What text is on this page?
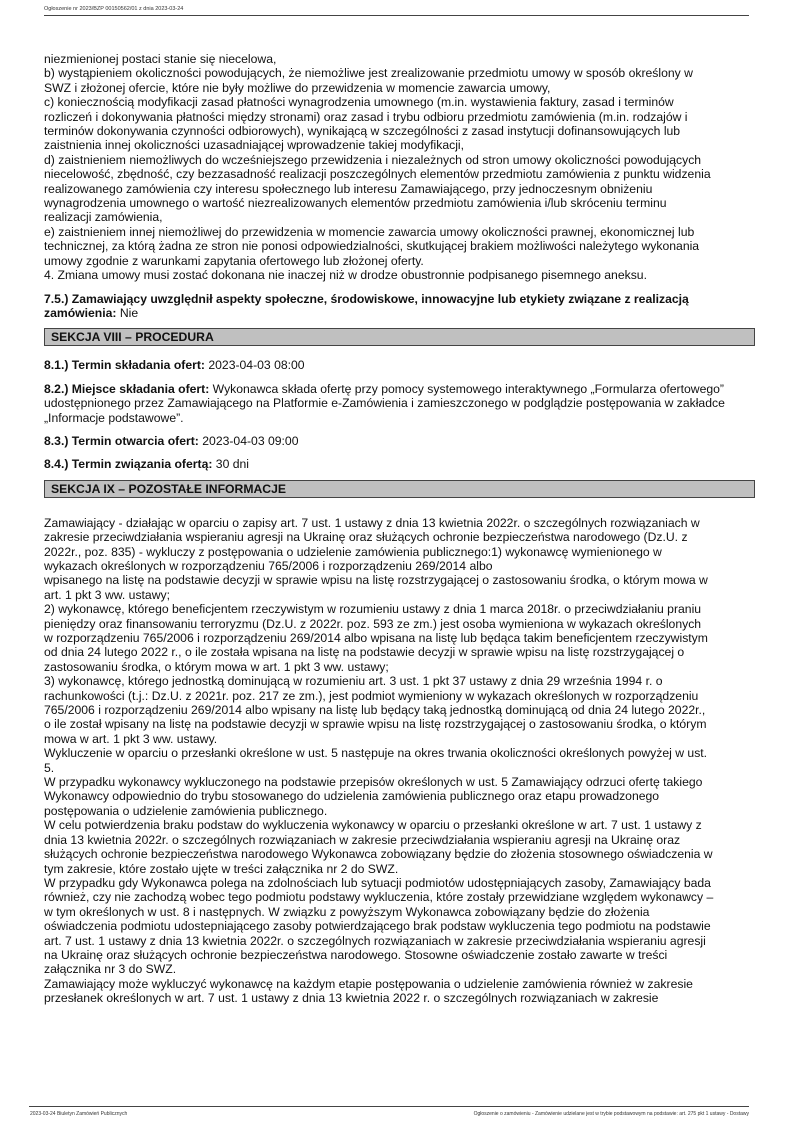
Ogłoszenie nr 2023/BZP 00150562/01 z dnia 2023-03-24

niezmienionej postaci stanie się niecelowa,

b) wystąpieniem okoliczności powodujących, że niemożliwe jest zrealizowanie przedmiotu umowy w sposób określony w

SWZ i złożonej ofercie, które nie były możliwe do przewidzenia w momencie zawarcia umowy,

c) koniecznością modyfikacji zasad płatności wynagrodzenia umownego (m.in. wystawienia faktury, zasad i terminów

rozliczeń i dokonywania płatności między stronami) oraz zasad i trybu odbioru przedmiotu zamówienia (m.in. rodzajów i

terminów dokonywania czynności odbiorowych), wynikającą w szczególności z zasad instytucji dofinansowujących lub

zaistnienia innej okoliczności uzasadniającej wprowadzenie takiej modyfikacji,

d) zaistnieniem niemożliwych do wcześniejszego przewidzenia i niezależnych od stron umowy okoliczności powodujących

niecelowość, zbędność, czy bezzasadność realizacji poszczególnych elementów przedmiotu zamówienia z punktu widzenia

realizowanego zamówienia czy interesu społecznego lub interesu Zamawiającego, przy jednoczesnym obniżeniu

wynagrodzenia umownego o wartość niezrealizowanych elementów przedmiotu zamówienia i/lub skróceniu terminu

realizacji zamówienia,

e) zaistnieniem innej niemożliwej do przewidzenia w momencie zawarcia umowy okoliczności prawnej, ekonomicznej lub

technicznej, za którą żadna ze stron nie ponosi odpowiedzialności, skutkującej brakiem możliwości należytego wykonania

umowy zgodnie z warunkami zapytania ofertowego lub złożonej oferty.

4. Zmiana umowy musi zostać dokonana nie inaczej niż w drodze obustronnie podpisanego pisemnego aneksu.

7.5.) Zamawiający uwzględnił aspekty społeczne, środowiskowe, innowacyjne lub etykiety związane z realizacją

zamówienia: Nie

SEKCJA VIII – PROCEDURA

8.1.) Termin składania ofert: 2023-04-03 08:00

8.2.) Miejsce składania ofert: Wykonawca składa ofertę przy pomocy systemowego interaktywnego „Formularza ofertowego”

udostępnionego przez Zamawiającego na Platformie e-Zamówienia i zamieszczonego w podglądzie postępowania w zakładce

„Informacje podstawowe”.

8.3.) Termin otwarcia ofert: 2023-04-03 09:00

8.4.) Termin związania ofertą: 30 dni

SEKCJA IX – POZOSTAŁE INFORMACJE

Zamawiający - działając w oparciu o zapisy art. 7 ust. 1 ustawy z dnia 13 kwietnia 2022r. o szczególnych rozwiązaniach w

zakresie przeciwdziałania wspieraniu agresji na Ukrainę oraz służących ochronie bezpieczeństwa narodowego (Dz.U. z

2022r., poz. 835) - wykluczy z postępowania o udzielenie zamówienia publicznego:1) wykonawcę wymienionego w

wykazach określonych w rozporządzeniu 765/2006 i rozporządzeniu 269/2014 albo

wpisanego na listę na podstawie decyzji w sprawie wpisu na listę rozstrzygającej o zastosowaniu środka, o którym mowa w

art. 1 pkt 3 ww. ustawy;

2) wykonawcę, którego beneficjentem rzeczywistym w rozumieniu ustawy z dnia 1 marca 2018r. o przeciwdziałaniu praniu

pieniędzy oraz finansowaniu terroryzmu (Dz.U. z 2022r. poz. 593 ze zm.) jest osoba wymieniona w wykazach określonych

w rozporządzeniu 765/2006 i rozporządzeniu 269/2014 albo wpisana na listę lub będąca takim beneficjentem rzeczywistym

od dnia 24 lutego 2022 r., o ile została wpisana na listę na podstawie decyzji w sprawie wpisu na listę rozstrzygającej o

zastosowaniu środka, o którym mowa w art. 1 pkt 3 ww. ustawy;

3) wykonawcę, którego jednostką dominującą w rozumieniu art. 3 ust. 1 pkt 37 ustawy z dnia 29 września 1994 r. o

rachunkowości (t.j.: Dz.U. z 2021r. poz. 217 ze zm.), jest podmiot wymieniony w wykazach określonych w rozporządzeniu

765/2006 i rozporządzeniu 269/2014 albo wpisany na listę lub będący taką jednostką dominującą od dnia 24 lutego 2022r.,

o ile został wpisany na listę na podstawie decyzji w sprawie wpisu na listę rozstrzygającej o zastosowaniu środka, o którym

mowa w art. 1 pkt 3 ww. ustawy.

Wykluczenie w oparciu o przesłanki określone w ust. 5 następuje na okres trwania okoliczności określonych powyżej w ust.

5.

W przypadku wykonawcy wykluczonego na podstawie przepisów określonych w ust. 5 Zamawiający odrzuci ofertę takiego

Wykonawcy odpowiednio do trybu stosowanego do udzielenia zamówienia publicznego oraz etapu prowadzonego

postępowania o udzielenie zamówienia publicznego.

W celu potwierdzenia braku podstaw do wykluczenia wykonawcy w oparciu o przesłanki określone w art. 7 ust. 1 ustawy z

dnia 13 kwietnia 2022r. o szczególnych rozwiązaniach w zakresie przeciwdziałania wspieraniu agresji na Ukrainę oraz

służących ochronie bezpieczeństwa narodowego Wykonawca zobowiązany będzie do złożenia stosownego oświadczenia w

tym zakresie, które zostało ujęte w treści załącznika nr 2 do SWZ.

W przypadku gdy Wykonawca polega na zdolnościach lub sytuacji podmiotów udostępniających zasoby, Zamawiający bada

również, czy nie zachodzą wobec tego podmiotu podstawy wykluczenia, które zostały przewidziane względem wykonawcy –

w tym określonych w ust. 8 i następnych. W związku z powyższym Wykonawca zobowiązany będzie do złożenia

oświadczenia podmiotu udostepniającego zasoby potwierdzającego brak podstaw wykluczenia tego podmiotu na podstawie

art. 7 ust. 1 ustawy z dnia 13 kwietnia 2022r. o szczególnych rozwiązaniach w zakresie przeciwdziałania wspieraniu agresji

na Ukrainę oraz służących ochronie bezpieczeństwa narodowego. Stosowne oświadczenie zostało zawarte w treści

załącznika nr 3 do SWZ.

Zamawiający może wykluczyć wykonawcę na każdym etapie postępowania o udzielenie zamówienia również w zakresie

przesłanek określonych w art. 7 ust. 1 ustawy z dnia 13 kwietnia 2022 r. o szczególnych rozwiązaniach w zakresie

2023-03-24 Biuletyn Zamówień Publicznych	Ogłoszenie o zamówieniu - Zamówienie udzielane jest w trybie podstawowym na podstawie: art. 275 pkt 1 ustawy - Dostawy
